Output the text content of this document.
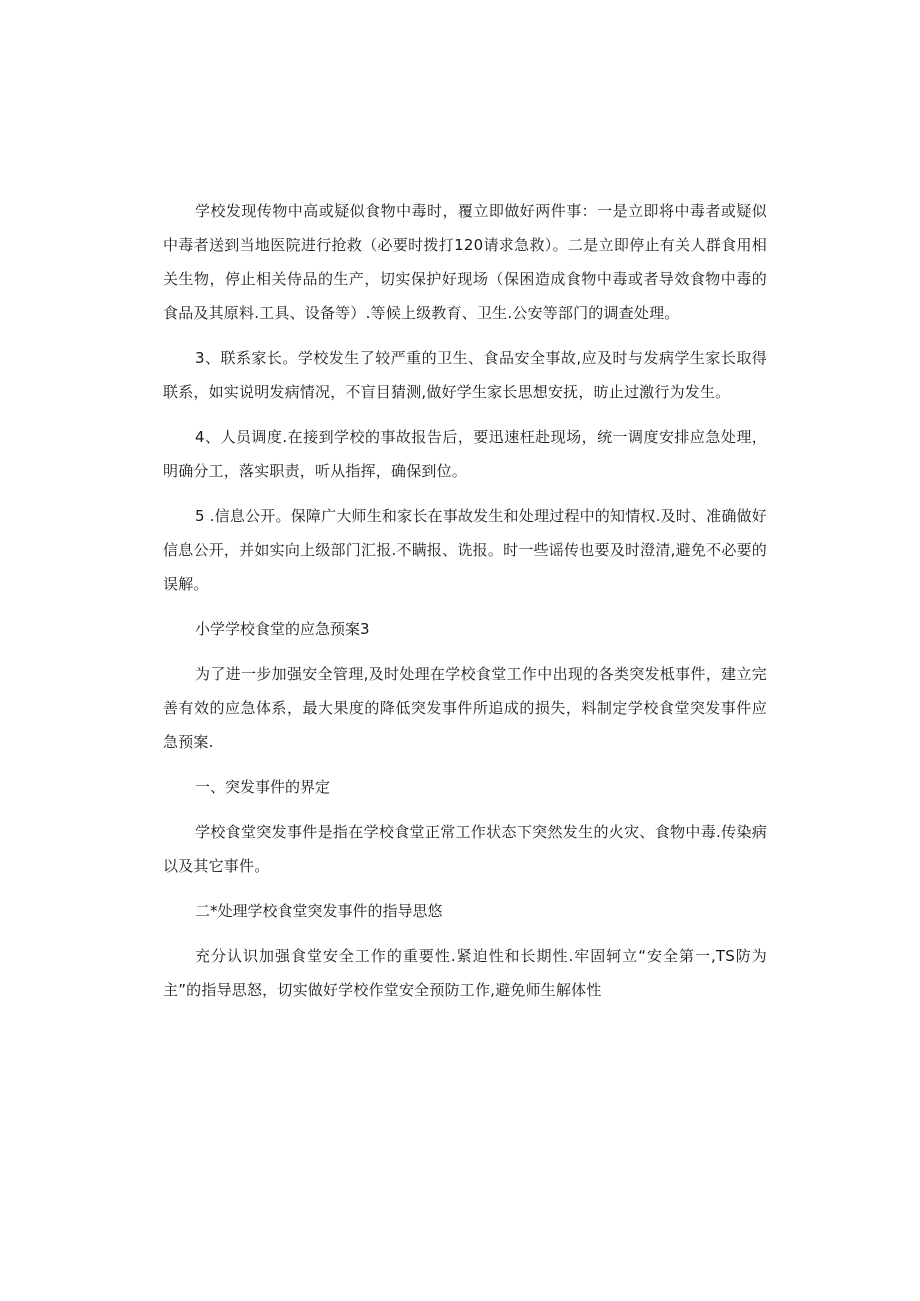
学校发现传物中高或疑似食物中毒时，覆立即做好两件事：一是立即将中毒者或疑似中毒者送到当地医院进行抢救（必要时拨打120请求急救）。二是立即停止有关人群食用相关生物，停止相关侍品的生产，切实保护好现场（保困造成食物中毒或者导效食物中毒的食品及其原料.工具、设备等）.等候上级教育、卫生.公安等部门的调查处理。

3、联系家长。学校发生了较严重的卫生、食品安全事故,应及时与发病学生家长取得联系，如实说明发病情况，不盲目猜测,做好学生家长思想安抚，昉止过激行为发生。

4、人员调度.在接到学校的事故报告后，要迅速枉赴现场，统一调度安排应急处理，明确分工，落实职责，听从指挥，确保到位。

5 .信息公开。保障广大师生和家长在事故发生和处理过程中的知情权.及时、准确做好信息公开，并如实向上级部门汇报.不瞒报、诜报。时一些谣传也要及时澄清,避免不必要的误解。

小学学校食堂的应急预案3

为了进一步加强安全管理,及时处理在学校食堂工作中出现的各类突发柢事件，建立完善有效的应急体系，最大果度的降低突发事件所追成的损失，料制定学校食堂突发事件应急预案.

一、突发事件的界定

学校食堂突发事件是指在学校食堂正常工作状态下突然发生的火灾、食物中毒.传染病以及其它事件。

二*处理学校食堂突发事件的指导思悠

充分认识加强食堂安全工作的重要性.紧迫性和长期性.牢固轲立“安全第一,TS防为主”的指导思怒，切实做好学校作堂安全预防工作,避免师生解体性
